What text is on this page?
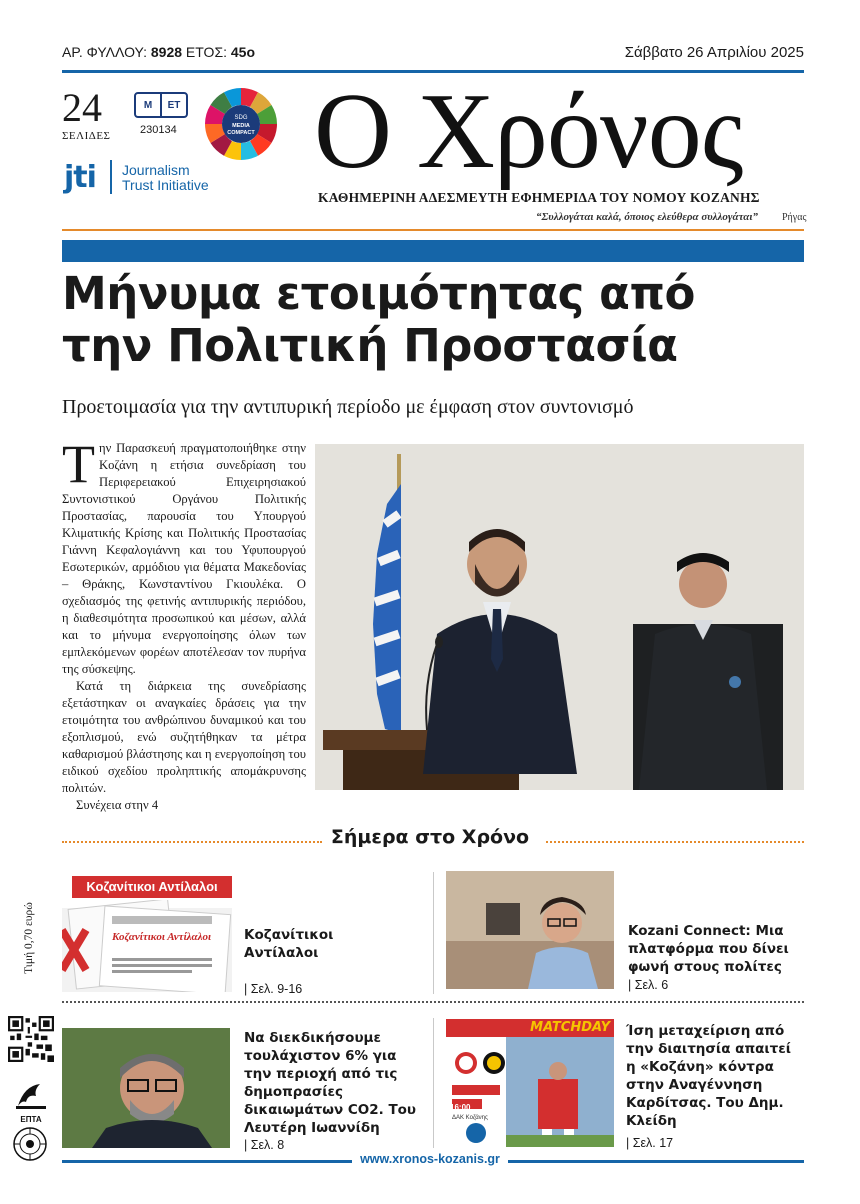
ΑΡ. ΦΥΛΛΟΥ: 8928 ΕΤΟΣ: 45ο	Σάββατο 26 Απριλίου 2025
24
ΣΕΛΙΔΕΣ
Μ	ΕΤ
230134
SDG
MEDIA
COMPACT
jti Journalism
Trust Initiative Ο Χρόνος
ΚΑΘΗΜΕΡΙΝΗ ΑΔΕΣΜΕΥΤΗ ΕΦΗΜΕΡΙΔΑ ΤΟΥ ΝΟΜΟΥ ΚΟΖΑΝΗΣ
“Συλλογάται καλά, όποιος ελεύθερα συλλογάται” Ρήγας
Μήνυμα ετοιμότητας από
την Πολιτική Προστασία
Προετοιμασία για την αντιπυρική περίοδο με έμφαση στον συντονισμό

Την Παρασκευή πραγματοποιήθηκε στην Κοζάνη η ετήσια συνεδρίαση του Περιφερειακού Επιχειρησιακού Συντονιστικού Οργάνου Πολιτικής Προστασίας, παρουσία του Υπουργού Κλιματικής Κρίσης και Πολιτικής Προστασίας Γιάννη Κεφαλογιάννη και του Υφυπουργού Εσωτερικών, αρμόδιου για θέματα Μακεδονίας – Θράκης, Κωνσταντίνου Γκιουλέκα. Ο σχεδιασμός της φετινής αντιπυρικής περιόδου, η διαθεσιμότητα προσωπικού και μέσων, αλλά και το μήνυμα ενεργοποίησης όλων των εμπλεκόμενων φορέων αποτέλεσαν τον πυρήνα της σύσκεψης.

Κατά τη διάρκεια της συνεδρίασης εξετάστηκαν οι αναγκαίες δράσεις για την ετοιμότητα του ανθρώπινου δυναμικού και του εξοπλισμού, ενώ συζητήθηκαν τα μέτρα καθαρισμού βλάστησης και η ενεργοποίηση του ειδικού σχεδίου προληπτικής απομάκρυνσης πολιτών.

Συνέχεια στην 4

Σήμερα στο Χρόνο
Κοζανίτικοι Αντίλαλοι
Κοζανίτικοι Αντίλαλοι Κοζανίτικοι Αντίλαλοι
| Σελ. 9-16
Kozani Connect: Μια πλατφόρμα που δίνει φωνή στους πολίτες
| Σελ. 6
Να διεκδικήσουμε τουλάχιστον 6% για την περιοχή από τις δημοπρασίες δικαιωμάτων CO2. Του Λευτέρη Ιωαννίδη
| Σελ. 8
MATCHDAY
27/04/2025
16:00
ΔΑΚ Κοζάνης
Ίση μεταχείριση από την διαιτησία απαιτεί η «Κοζάνη» κόντρα στην Αναγέννηση Καρδίτσας. Του Δημ. Κλείδη
| Σελ. 17
Τιμή 0,70 ευρώ
ΕΠΤΑ
www.xronos-kozanis.gr
